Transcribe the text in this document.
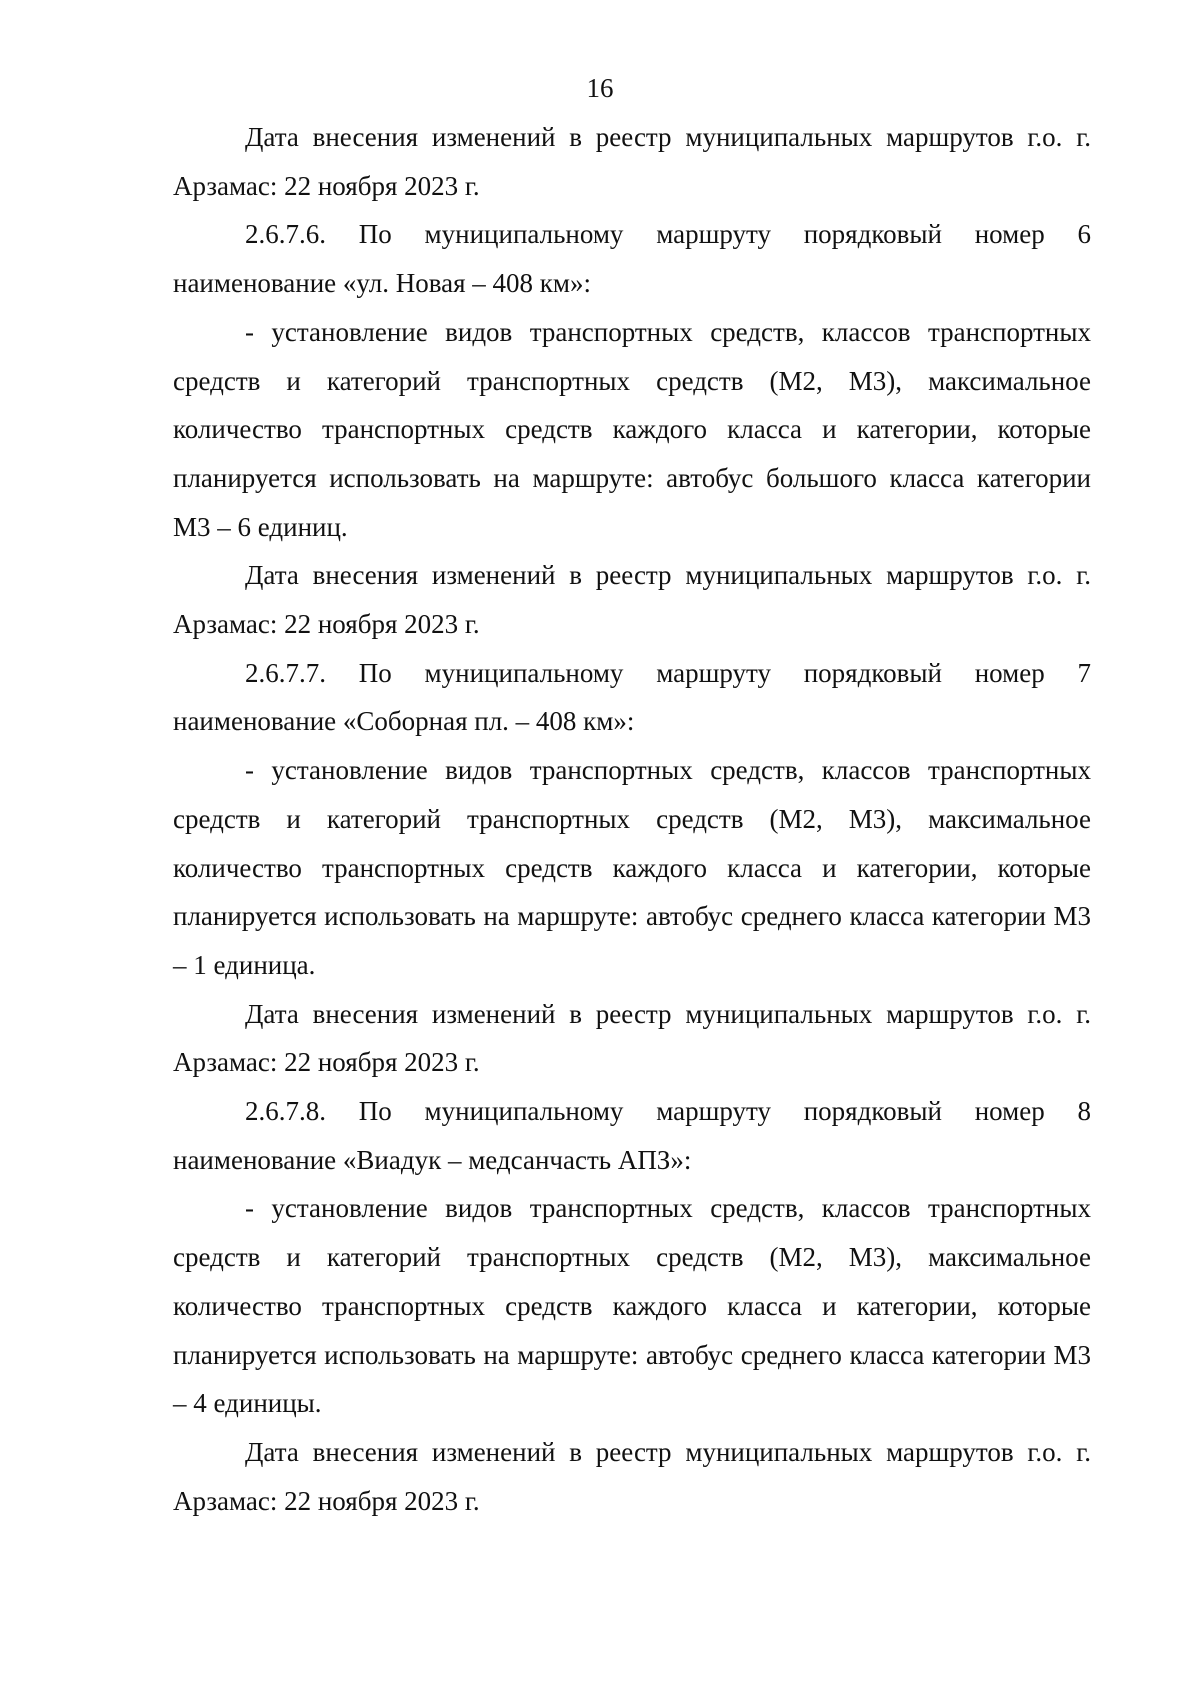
16

Дата внесения изменений в реестр муниципальных маршрутов г.о. г. Арзамас: 22 ноября 2023 г.

2.6.7.6. По муниципальному маршруту порядковый номер 6 наименование «ул. Новая – 408 км»:

- установление видов транспортных средств, классов транспортных средств и категорий транспортных средств (М2, М3), максимальное количество транспортных средств каждого класса и категории, которые планируется использовать на маршруте: автобус большого класса категории М3 – 6 единиц.

Дата внесения изменений в реестр муниципальных маршрутов г.о. г. Арзамас: 22 ноября 2023 г.

2.6.7.7. По муниципальному маршруту порядковый номер 7 наименование «Соборная пл. – 408 км»:

- установление видов транспортных средств, классов транспортных средств и категорий транспортных средств (М2, М3), максимальное количество транспортных средств каждого класса и категории, которые планируется использовать на маршруте: автобус среднего класса категории М3 – 1 единица.

Дата внесения изменений в реестр муниципальных маршрутов г.о. г. Арзамас: 22 ноября 2023 г.

2.6.7.8. По муниципальному маршруту порядковый номер 8 наименование «Виадук – медсанчасть АПЗ»:

- установление видов транспортных средств, классов транспортных средств и категорий транспортных средств (М2, М3), максимальное количество транспортных средств каждого класса и категории, которые планируется использовать на маршруте: автобус среднего класса категории М3 – 4 единицы.

Дата внесения изменений в реестр муниципальных маршрутов г.о. г. Арзамас: 22 ноября 2023 г.
